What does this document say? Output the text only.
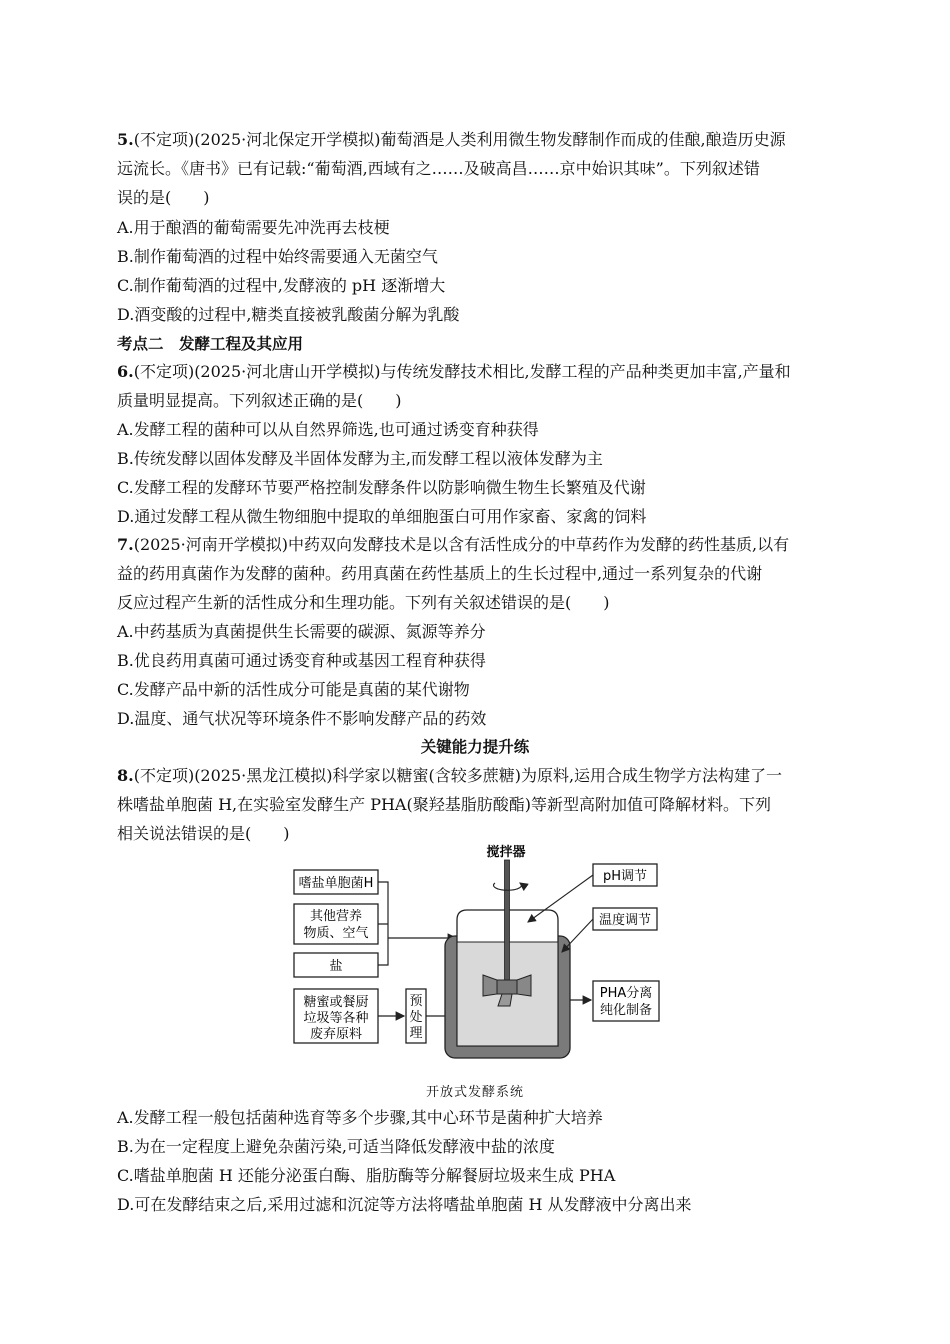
5.(不定项)(2025·河北保定开学模拟)葡萄酒是人类利用微生物发酵制作而成的佳酿,酿造历史源
远流长。《唐书》已有记载:“葡萄酒,西域有之……及破高昌……京中始识其味”。下列叙述错
误的是(　　)
A.用于酿酒的葡萄需要先冲洗再去枝梗
B.制作葡萄酒的过程中始终需要通入无菌空气
C.制作葡萄酒的过程中,发酵液的 pH 逐渐增大
D.酒变酸的过程中,糖类直接被乳酸菌分解为乳酸
考点二　发酵工程及其应用
6.(不定项)(2025·河北唐山开学模拟)与传统发酵技术相比,发酵工程的产品种类更加丰富,产量和
质量明显提高。下列叙述正确的是(　　)
A.发酵工程的菌种可以从自然界筛选,也可通过诱变育种获得
B.传统发酵以固体发酵及半固体发酵为主,而发酵工程以液体发酵为主
C.发酵工程的发酵环节要严格控制发酵条件以防影响微生物生长繁殖及代谢
D.通过发酵工程从微生物细胞中提取的单细胞蛋白可用作家畜、家禽的饲料
7.(2025·河南开学模拟)中药双向发酵技术是以含有活性成分的中草药作为发酵的药性基质,以有
益的药用真菌作为发酵的菌种。药用真菌在药性基质上的生长过程中,通过一系列复杂的代谢
反应过程产生新的活性成分和生理功能。下列有关叙述错误的是(　　)
A.中药基质为真菌提供生长需要的碳源、氮源等养分
B.优良药用真菌可通过诱变育种或基因工程育种获得
C.发酵产品中新的活性成分可能是真菌的某代谢物
D.温度、通气状况等环境条件不影响发酵产品的药效
关键能力提升练
8.(不定项)(2025·黑龙江模拟)科学家以糖蜜(含较多蔗糖)为原料,运用合成生物学方法构建了一
株嗜盐单胞菌 H,在实验室发酵生产 PHA(聚羟基脂肪酸酯)等新型高附加值可降解材料。下列
相关说法错误的是(　　)
嗜盐单胞菌H
其他营养
物质、空气
盐
糖蜜或餐厨
垃圾等各种
废弃原料
预
处
理
搅拌器
pH调节
温度调节
PHA分离
纯化制备
开放式发酵系统
A.发酵工程一般包括菌种选育等多个步骤,其中心环节是菌种扩大培养
B.为在一定程度上避免杂菌污染,可适当降低发酵液中盐的浓度
C.嗜盐单胞菌 H 还能分泌蛋白酶、脂肪酶等分解餐厨垃圾来生成 PHA
D.可在发酵结束之后,采用过滤和沉淀等方法将嗜盐单胞菌 H 从发酵液中分离出来
